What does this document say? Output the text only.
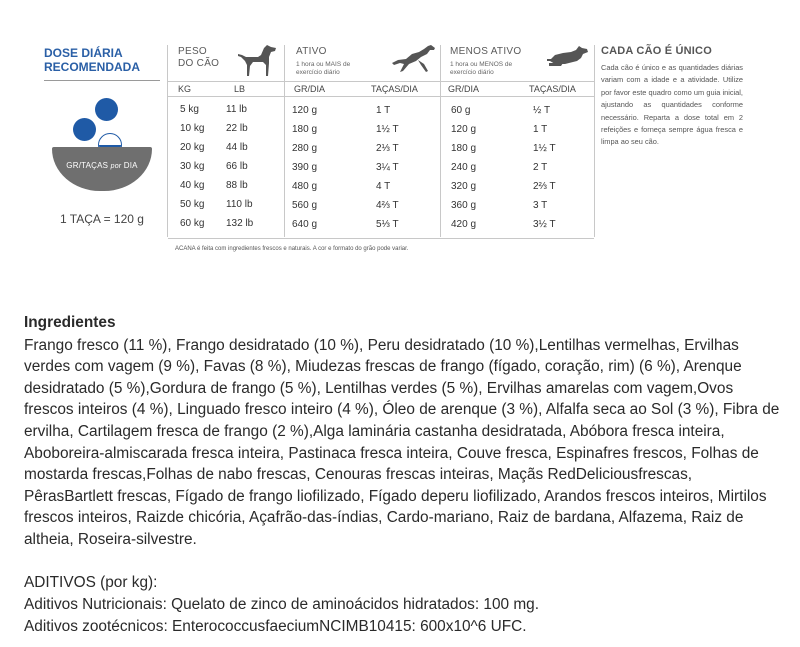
DOSE DIÁRIA
RECOMENDADA
GR/TAÇAS por DIA
1 TAÇA = 120 g
PESO
DO CÃO
ATIVO
1 hora ou MAIS de
exercício diário
MENOS ATIVO
1 hora ou MENOS de
exercício diário
KG	LB	GR/DIA	TAÇAS/DIA	GR/DIA	TAÇAS/DIA
5 kg	11 lb	120 g	1 T	60 g	½ T
10 kg 22 lb	180 g	1½ T	120 g	1 T
20 kg 44 lb	280 g	2⅓ T	180 g	1½ T
30 kg 66 lb	390 g	3¼ T	240 g	2 T
40 kg 88 lb	480 g	4 T	320 g	2⅔ T
50 kg 110 lb	560 g	4⅔ T	360 g	3 T
60 kg 132 lb	640 g	5⅓ T	420 g	3½ T
ACANA é feita com ingredientes frescos e naturais. A cor e formato do grão pode variar.
CADA CÃO É ÚNICO
Cada cão é único e as quantidades diárias variam com a idade e a atividade. Utilize por favor este quadro como um guia inicial, ajustando as quantidades conforme necessário. Reparta a dose total em 2 refeições e forneça sempre água fresca e limpa ao seu cão.
Ingredientes

Frango fresco (11 %), Frango desidratado (10 %), Peru desidratado (10 %),Lentilhas vermelhas, Ervilhas verdes com vagem (9 %), Favas (8 %), Miudezas frescas de frango (fígado, coração, rim) (6 %), Arenque desidratado (5 %),Gordura de frango (5 %), Lentilhas verdes (5 %), Ervilhas amarelas com vagem,Ovos frescos inteiros (4 %), Linguado fresco inteiro (4 %), Óleo de arenque (3 %), Alfalfa seca ao Sol (3 %), Fibra de ervilha, Cartilagem fresca de frango (2 %),Alga laminária castanha desidratada, Abóbora fresca inteira, Aboboreira-almiscarada fresca inteira, Pastinaca fresca inteira, Couve fresca, Espinafres frescos, Folhas de mostarda frescas,Folhas de nabo frescas, Cenouras frescas inteiras, Maçãs RedDeliciousfrescas, PêrasBartlett frescas, Fígado de frango liofilizado, Fígado deperu liofilizado, Arandos frescos inteiros, Mirtilos frescos inteiros, Raizde chicória, Açafrão-das-índias, Cardo-mariano, Raiz de bardana, Alfazema, Raiz de altheia, Roseira-silvestre.

ADITIVOS (por kg):
Aditivos Nutricionais: Quelato de zinco de aminoácidos hidratados: 100 mg.
Aditivos zootécnicos: EnterococcusfaeciumNCIMB10415: 600x10^6 UFC.
